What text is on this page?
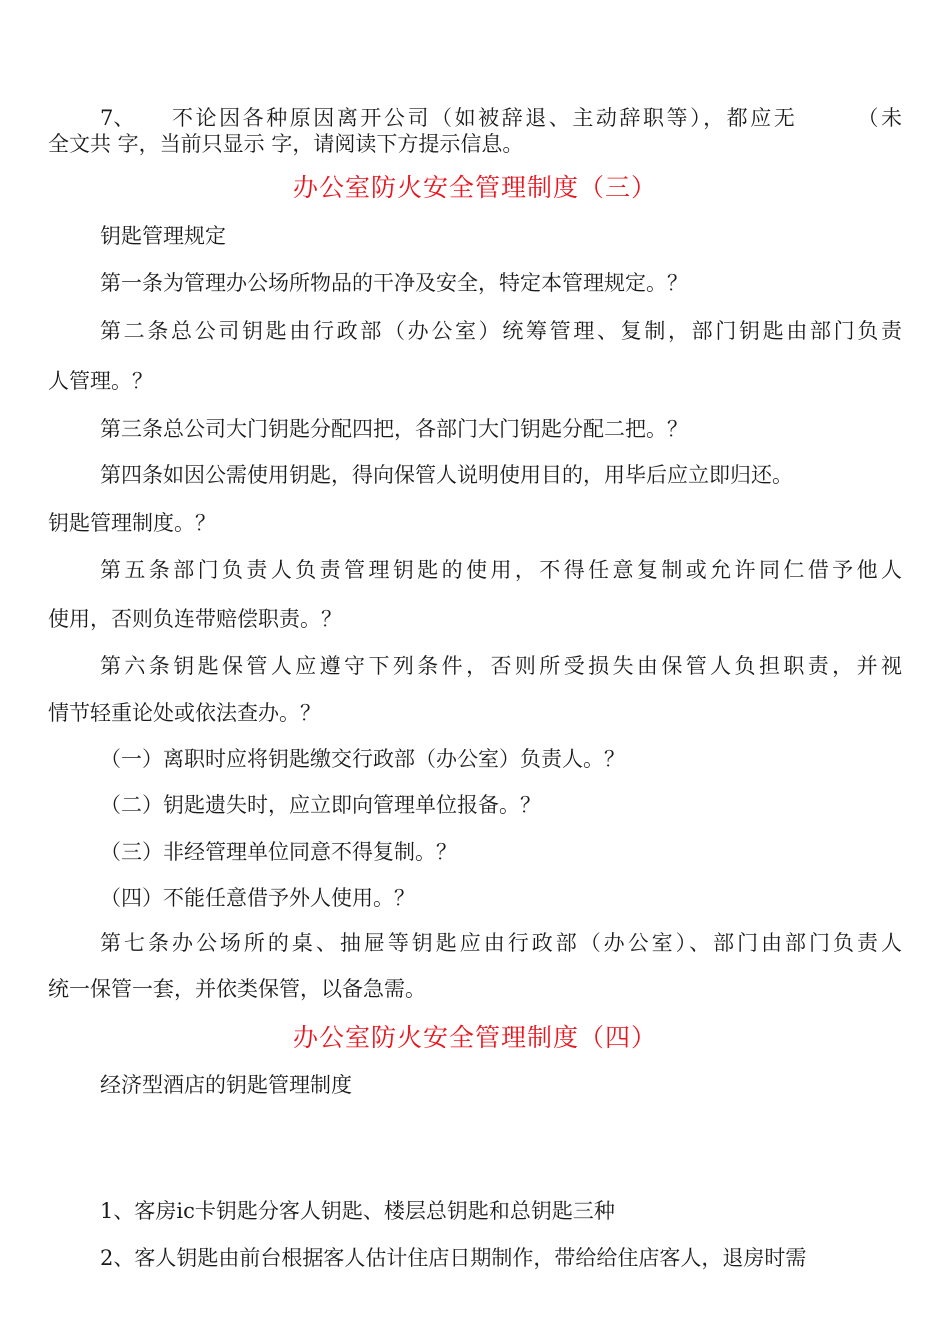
7、 不论因各种原因离开公司（如被辞退、主动辞职等），都应无　　　（未
全文共 字，当前只显示 字，请阅读下方提示信息。
办公室防火安全管理制度（三）
钥匙管理规定
第一条为管理办公场所物品的干净及安全，特定本管理规定。？
第二条总公司钥匙由行政部（办公室）统筹管理、复制，部门钥匙由部门负责
人管理。？
第三条总公司大门钥匙分配四把，各部门大门钥匙分配二把。？
第四条如因公需使用钥匙，得向保管人说明使用目的，用毕后应立即归还。
钥匙管理制度。？
第五条部门负责人负责管理钥匙的使用，不得任意复制或允许同仁借予他人
使用，否则负连带赔偿职责。？
第六条钥匙保管人应遵守下列条件，否则所受损失由保管人负担职责，并视
情节轻重论处或依法查办。？
（一）离职时应将钥匙缴交行政部（办公室）负责人。？
（二）钥匙遗失时，应立即向管理单位报备。？
（三）非经管理单位同意不得复制。？
（四）不能任意借予外人使用。？
第七条办公场所的桌、抽屉等钥匙应由行政部（办公室）、部门由部门负责人
统一保管一套，并依类保管，以备急需。
办公室防火安全管理制度（四）
经济型酒店的钥匙管理制度
1、客房ic卡钥匙分客人钥匙、楼层总钥匙和总钥匙三种
2、客人钥匙由前台根据客人估计住店日期制作，带给给住店客人，退房时需
